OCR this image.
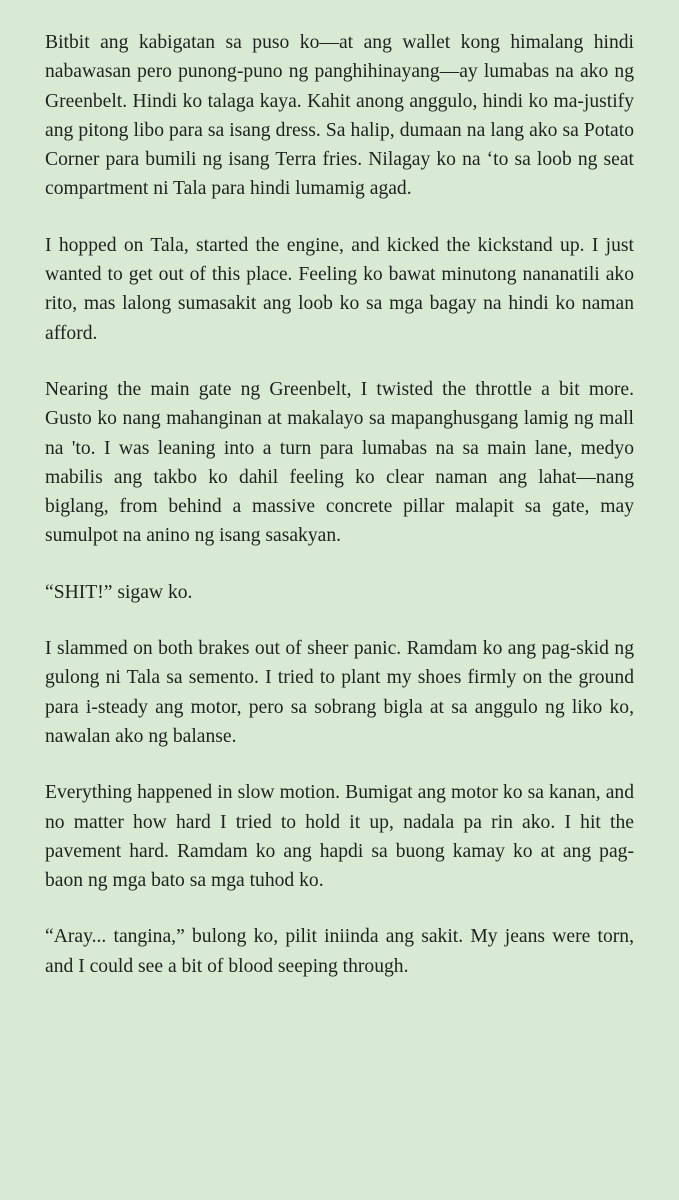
Bitbit ang kabigatan sa puso ko—at ang wallet kong himalang hindi nabawasan pero punong-puno ng panghihinayang—ay lumabas na ako ng Greenbelt. Hindi ko talaga kaya. Kahit anong anggulo, hindi ko ma-justify ang pitong libo para sa isang dress. Sa halip, dumaan na lang ako sa Potato Corner para bumili ng isang Terra fries. Nilagay ko na ‘to sa loob ng seat compartment ni Tala para hindi lumamig agad.

I hopped on Tala, started the engine, and kicked the kickstand up. I just wanted to get out of this place. Feeling ko bawat minutong nananatili ako rito, mas lalong sumasakit ang loob ko sa mga bagay na hindi ko naman afford.

Nearing the main gate ng Greenbelt, I twisted the throttle a bit more. Gusto ko nang mahanginan at makalayo sa mapanghusgang lamig ng mall na 'to. I was leaning into a turn para lumabas na sa main lane, medyo mabilis ang takbo ko dahil feeling ko clear naman ang lahat—nang biglang, from behind a massive concrete pillar malapit sa gate, may sumulpot na anino ng isang sasakyan.

“SHIT!” sigaw ko.

I slammed on both brakes out of sheer panic. Ramdam ko ang pag-skid ng gulong ni Tala sa semento. I tried to plant my shoes firmly on the ground para i-steady ang motor, pero sa sobrang bigla at sa anggulo ng liko ko, nawalan ako ng balanse.

Everything happened in slow motion. Bumigat ang motor ko sa kanan, and no matter how hard I tried to hold it up, nadala pa rin ako. I hit the pavement hard. Ramdam ko ang hapdi sa buong kamay ko at ang pag-baon ng mga bato sa mga tuhod ko.

“Aray... tangina,” bulong ko, pilit iniinda ang sakit. My jeans were torn, and I could see a bit of blood seeping through.
